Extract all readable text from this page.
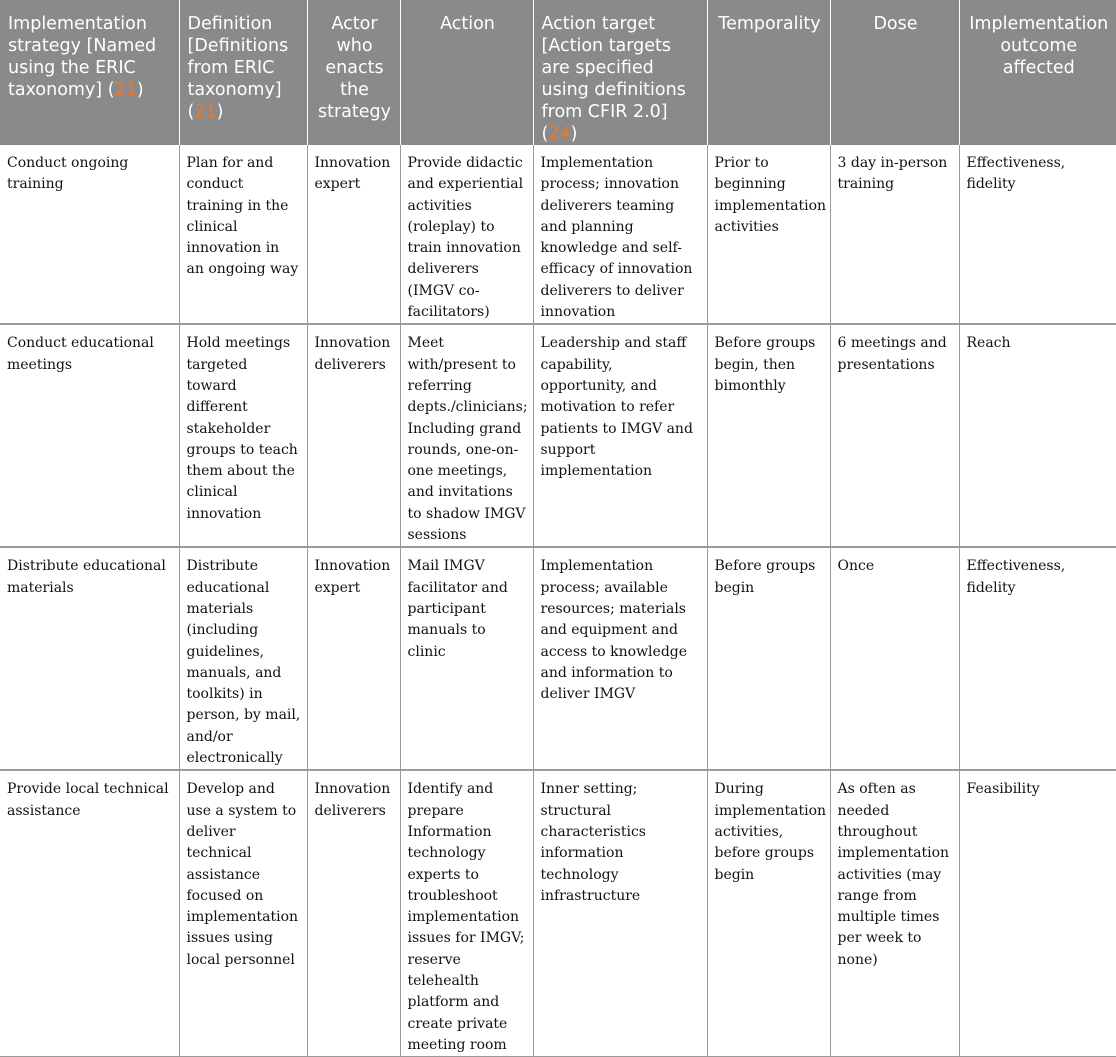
Implementation strategy [Named using the ERIC taxonomy] (21)	Definition [Definitions from ERIC taxonomy] (21)	Actor who enacts the strategy	Action	Action target [Action targets are specified using definitions from CFIR 2.0] (24)	Temporality	Dose	Implementation outcome affected
Conduct ongoing training	Plan for and conduct training in the clinical innovation in an ongoing way	Innovation expert	Provide didactic and experiential activities (roleplay) to train innovation deliverers (IMGV co-facilitators)	Implementation process; innovation deliverers teaming and planning knowledge and self-efficacy of innovation deliverers to deliver innovation	Prior to beginning implementation activities	3 day in-person training	Effectiveness, fidelity
Conduct educational meetings	Hold meetings targeted toward different stakeholder groups to teach them about the clinical innovation	Innovation deliverers	Meet with/present to referring depts./clinicians; Including grand rounds, one-on-one meetings, and invitations to shadow IMGV sessions	Leadership and staff capability, opportunity, and motivation to refer patients to IMGV and support implementation	Before groups begin, then bimonthly	6 meetings and presentations	Reach
Distribute educational materials	Distribute educational materials (including guidelines, manuals, and toolkits) in person, by mail, and/or electronically	Innovation expert	Mail IMGV facilitator and participant manuals to clinic	Implementation process; available resources; materials and equipment and access to knowledge and information to deliver IMGV	Before groups begin	Once	Effectiveness, fidelity
Provide local technical assistance	Develop and use a system to deliver technical assistance focused on implementation issues using local personnel	Innovation deliverers	Identify and prepare Information technology experts to troubleshoot implementation issues for IMGV; reserve telehealth platform and create private meeting room	Inner setting; structural characteristics information technology infrastructure	During implementation activities, before groups begin	As often as needed throughout implementation activities (may range from multiple times per week to none)	Feasibility
